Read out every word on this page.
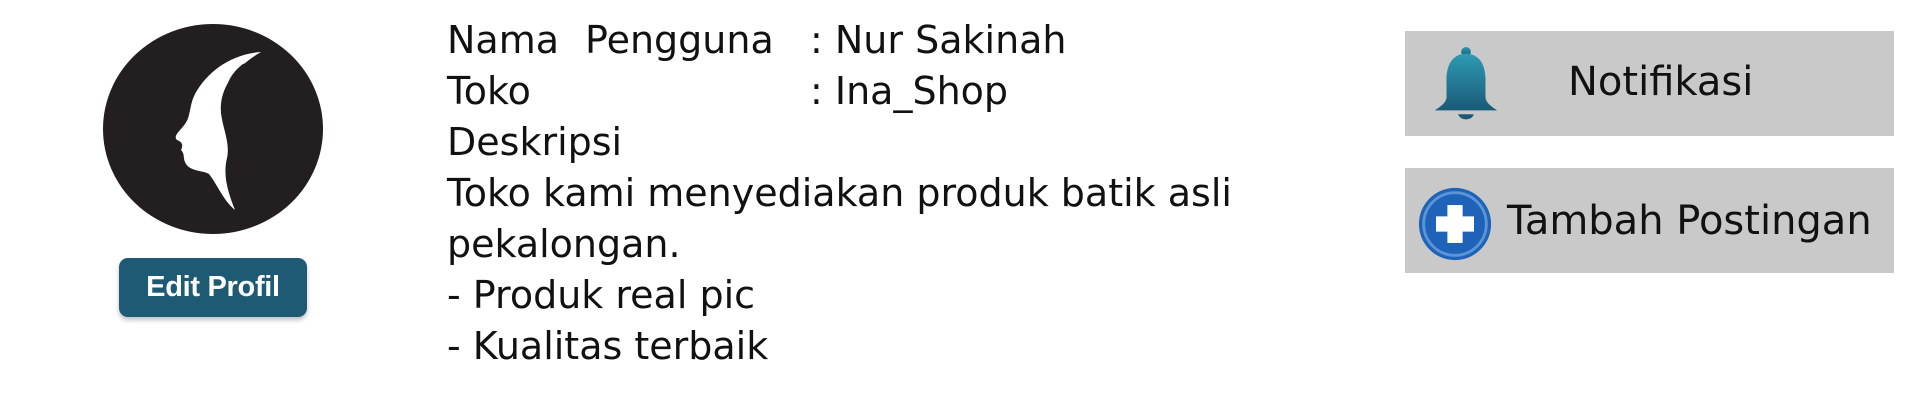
Edit Profil
Nama Pengguna : Nur Sakinah
Toko	: Ina_Shop
Deskripsi
Toko kami menyediakan produk batik asli
pekalongan.
- Produk real pic
- Kualitas terbaik
Notifikasi
Tambah Postingan
